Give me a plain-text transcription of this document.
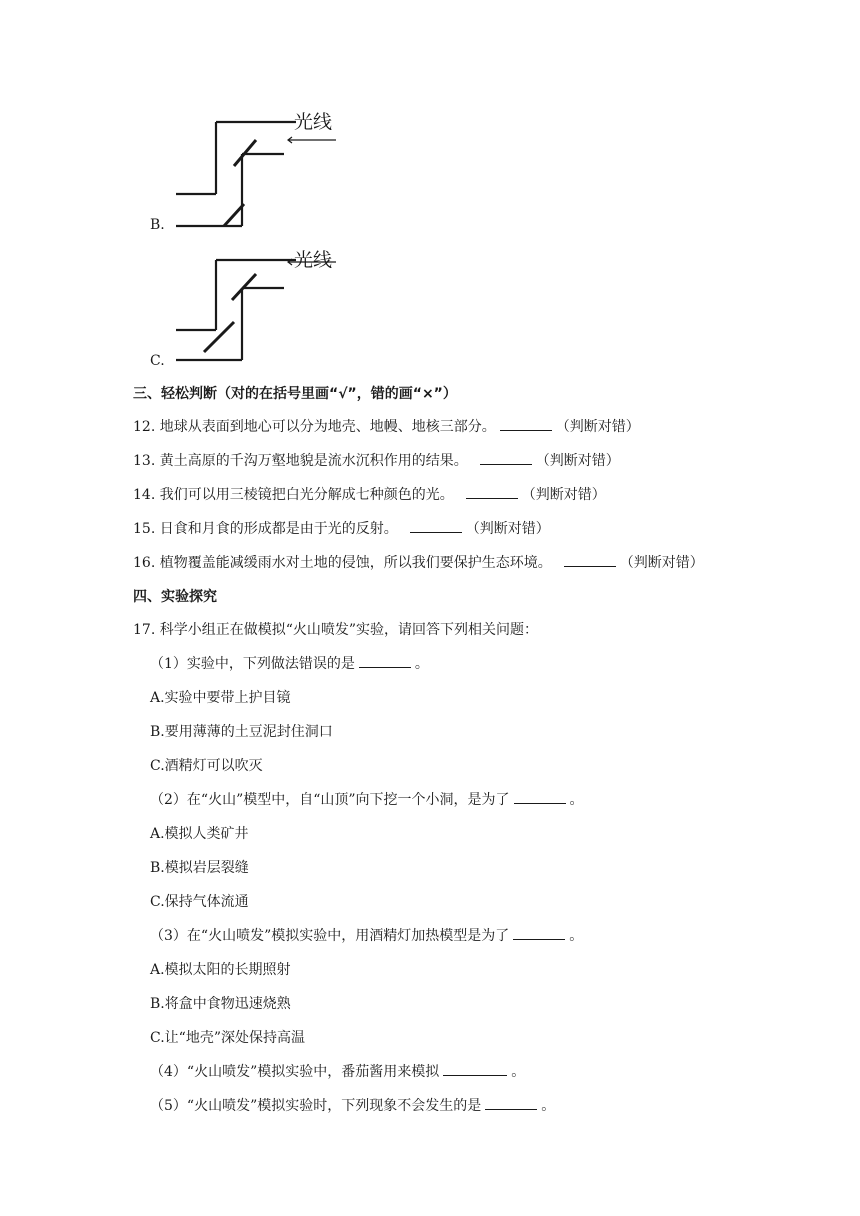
光线
B.
光线
C.
三、轻松判断（对的在括号里画“√”，错的画“×”）
12. 地球从表面到地心可以分为地壳、地幔、地核三部分。	（判断对错）
13. 黄土高原的千沟万壑地貌是流水沉积作用的结果。	（判断对错）
14. 我们可以用三棱镜把白光分解成七种颜色的光。	（判断对错）
15. 日食和月食的形成都是由于光的反射。	（判断对错）
16. 植物覆盖能减缓雨水对土地的侵蚀，所以我们要保护生态环境。	（判断对错）
四、实验探究
17. 科学小组正在做模拟“火山喷发”实验，请回答下列相关问题：
（1）实验中，下列做法错误的是	。
A.实验中要带上护目镜
B.要用薄薄的土豆泥封住洞口
C.酒精灯可以吹灭
（2）在“火山”模型中，自“山顶”向下挖一个小洞，是为了	。
A.模拟人类矿井
B.模拟岩层裂缝
C.保持气体流通
（3）在“火山喷发”模拟实验中，用酒精灯加热模型是为了	。
A.模拟太阳的长期照射
B.将盒中食物迅速烧熟
C.让“地壳”深处保持高温
（4）“火山喷发”模拟实验中，番茄酱用来模拟	。
（5）“火山喷发”模拟实验时，下列现象不会发生的是	。
